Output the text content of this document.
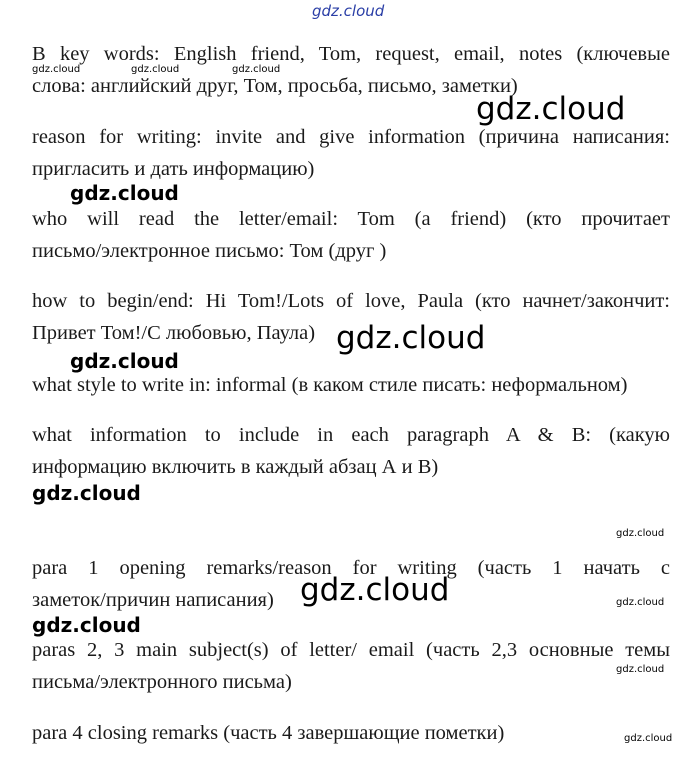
gdz.cloud
B key words: English friend, Tom, request, email, notes (ключевые
слова: английский друг, Том, просьба, письмо, заметки)
gdz.cloud	gdz.cloud	gdz.cloud
gdz.cloud
reason for writing: invite and give information (причина написания:
пригласить и дать информацию)
gdz.cloud
who will read the letter/email: Tom (a friend) (кто прочитает
письмо/электронное письмо: Том (друг )
how to begin/end: Hi Tom!/Lots of love, Paula (кто начнет/закончит:
Привет Том!/С любовью, Паула) gdz.cloud
gdz.cloud
what style to write in: informal (в каком стиле писать: неформальном)
what information to include in each paragraph A & B: (какую
информацию включить в каждый абзац А и В)
gdz.cloud
gdz.cloud
para 1 opening remarks/reason for writing (часть 1 начать с
заметок/причин написания) gdz.cloud	gdz.cloud
gdz.cloud
paras 2, 3 main subject(s) of letter/ email (часть 2,3 основные темы
письма/электронного письма)
gdz.cloud
para 4 closing remarks (часть 4 завершающие пометки)	gdz.cloud
